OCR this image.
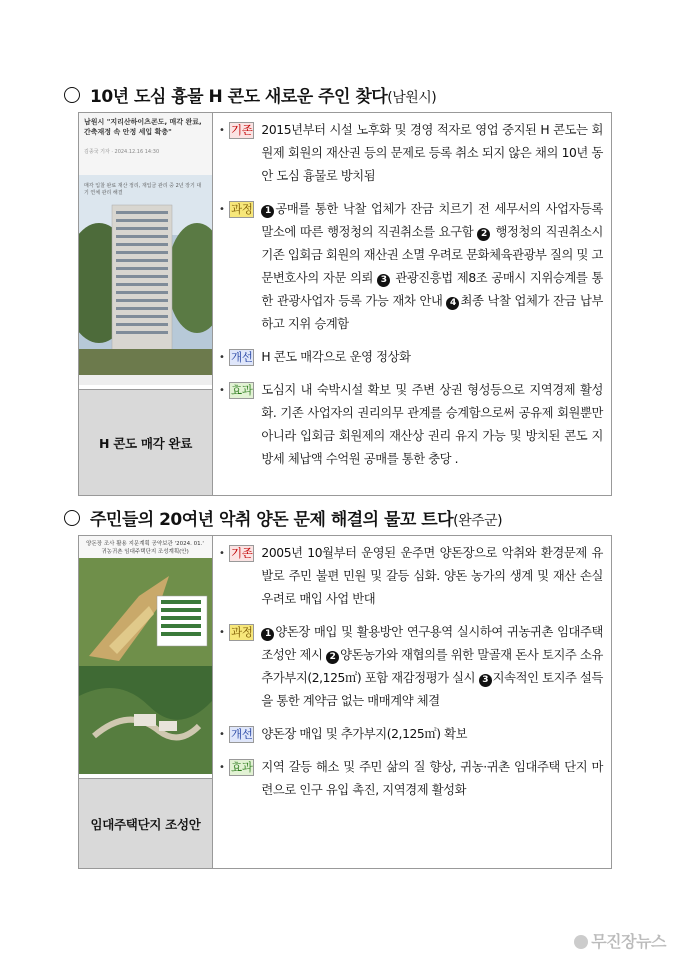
10년 도심 흉물 H 콘도 새로운 주인 찾다(남원시)
남원시 "지리산하이츠콘도, 매각 완료, 간축재정 속 안정 세입 확충"
김종국 기자 · 2024.12.16 14:30
매각 입찰 완료 재산 정리, 재입금 관리 중 2년 장기 대기 연체 관리 해결

• 기존 2015년부터 시설 노후화 및 경영 적자로 영업 중지된 H 콘도는 회원제 회원의 재산권 등의 문제로 등록 취소 되지 않은 채의 10년 동안 도심 흉물로 방치됨
• 과정	1 공매를 통한 낙찰 업체가 잔금 치르기 전 세무서의 사업자등록 말소에 따른 행정청의 직권취소를 요구함 2 행정청의 직권취소시 기존 입회금 회원의 재산권 소멸 우려로 문화체육관광부 질의 및 고문변호사의 자문 의뢰 3 관광진흥법 제8조 공매시 지위승계를 통한 관광사업자 등록 가능 재차 안내 4 최종 낙찰 업체가 잔금 납부하고 지위 승계함
• 개선 H 콘도 매각으로 운영 정상화
• 효과 도심지 내 숙박시설 확보 및 주변 상권 형성등으로 지역경제 활성화. 기존 사업자의 권리의무 관계를 승계함으로써 공유제 회원뿐만 아니라 입회금 회원제의 재산상 권리 유지 가능 및 방치된 콘도 지방세 체납액 수억원 공매를 통한 충당 .

H 콘도 매각 완료
주민들의 20여년 악취 양돈 문제 해결의 물꼬 트다(완주군)
양돈장 조사 활용 지문계획 공약보관 '2024. 01.'
귀농귀촌 임대주택단지 조성계획(안)	• 기존 2005년 10월부터 운영된 운주면 양돈장으로 악취와 환경문제 유발로 주민 불편 민원 및 갈등 심화. 양돈 농가의 생계 및 재산 손실 우려로 매입 사업 반대
• 과정	1 양돈장 매입 및 활용방안 연구용역 실시하여 귀농귀촌 임대주택 조성안 제시 2 양돈농가와 재협의를 위한 말골재 돈사 토지주 소유 추가부지(2,125㎡) 포함 재감정평가 실시 3 지속적인 토지주 설득을 통한 계약금 없는 매매계약 체결
• 개선 양돈장 매입 및 추가부지(2,125㎡) 확보
• 효과 지역 갈등 해소 및 주민 삶의 질 향상, 귀농·귀촌 임대주택 단지 마련으로 인구 유입 촉진, 지역경제 활성화

임대주택단지 조성안
무진장뉴스
